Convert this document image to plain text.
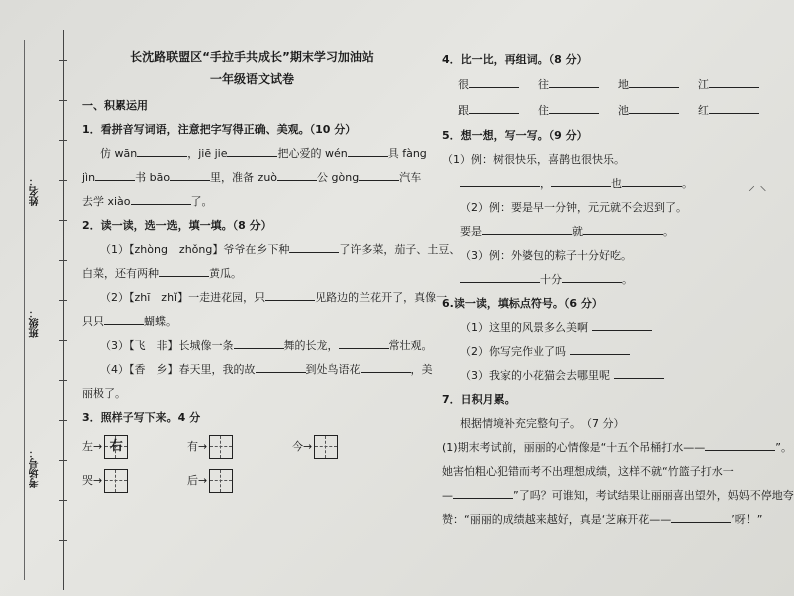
姓名：
班级：
考场号：
长沈路联盟区“手拉手共成长”期末学习加油站
一年级语文试卷
一、积累运用
1．看拼音写词语，注意把字写得正确、美观。（10 分）
仿 wān	，jiē jie	把心爱的 wén	具 fàng
jìn	书 bāo	里，准备 zuò	公 gòng	汽车
去学 xiào	了。
2．读一读，选一选，填一填。（8 分）
（1）【zhòng　zhǒng】爷爷在乡下种	了许多菜，茄子、土豆、
白菜，还有两种	黄瓜。
（2）【zhī　zhǐ】一走进花园，只	见路边的兰花开了，真像一
只只	蝴蝶。
（3）【飞　非】长城像一条	舞的长龙，	常壮观。
（4）【香　乡】春天里，我的故	到处鸟语花	，美
丽极了。
3．照样子写下来。4 分
左→ 右	有→	今→
哭→	后→
4．比一比，再组词。（8 分）
很	往	地	江
跟	住	池	红
5．想一想，写一写。（9 分）
（1）例：树很快乐，喜鹊也很快乐。
，	也	。
（2）例：要是早一分钟，元元就不会迟到了。
要是	就	。
（3）例：外婆包的粽子十分好吃。
十分	。
6.读一读，填标点符号。（6 分）
（1）这里的风景多么美啊
（2）你写完作业了吗
（3）我家的小花猫会去哪里呢
7．日积月累。
根据情境补充完整句子。　（7 分）
(1)期末考试前，丽丽的心情像是“十五个吊桶打水——	”。
她害怕粗心犯错而考不出理想成绩，这样不就“竹篮子打水一
—	”了吗？可谁知，考试结果让丽丽喜出望外，妈妈不停地夸
赞：“丽丽的成绩越来越好，真是‘芝麻开花——	’呀！”
⸝ ⸜
